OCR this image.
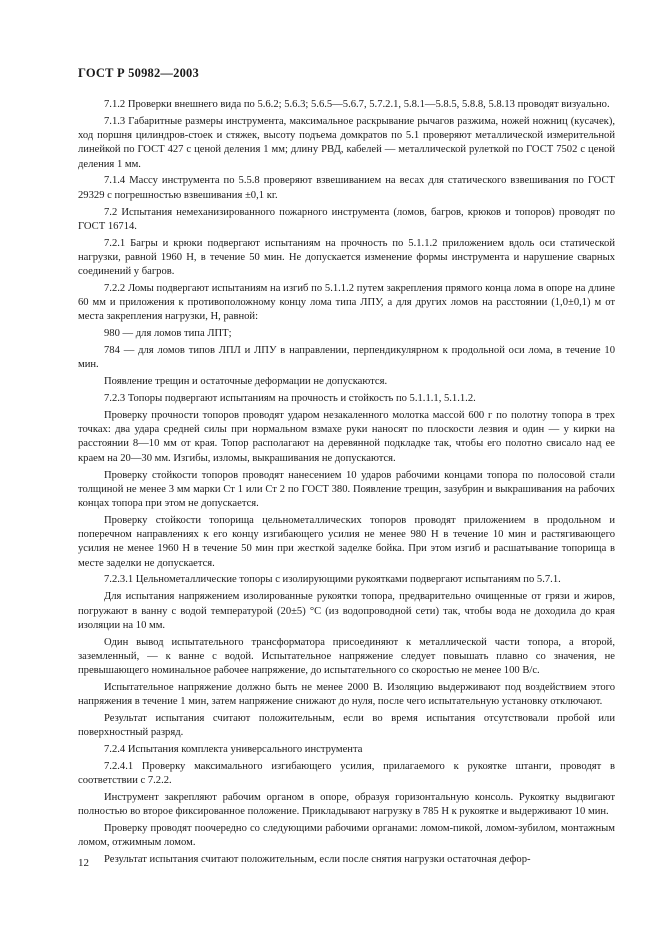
ГОСТ Р 50982—2003

7.1.2 Проверки внешнего вида по 5.6.2; 5.6.3; 5.6.5—5.6.7, 5.7.2.1, 5.8.1—5.8.5, 5.8.8, 5.8.13 проводят визуально.

7.1.3 Габаритные размеры инструмента, максимальное раскрывание рычагов разжима, ножей ножниц (кусачек), ход поршня цилиндров-стоек и стяжек, высоту подъема домкратов по 5.1 проверяют металлической измерительной линейкой по ГОСТ 427 с ценой деления 1 мм; длину РВД, кабелей — металлической рулеткой по ГОСТ 7502 с ценой деления 1 мм.

7.1.4 Массу инструмента по 5.5.8 проверяют взвешиванием на весах для статического взвешивания по ГОСТ 29329 с погрешностью взвешивания ±0,1 кг.

7.2 Испытания немеханизированного пожарного инструмента (ломов, багров, крюков и топоров) проводят по ГОСТ 16714.

7.2.1 Багры и крюки подвергают испытаниям на прочность по 5.1.1.2 приложением вдоль оси статической нагрузки, равной 1960 Н, в течение 50 мин. Не допускается изменение формы инструмента и нарушение сварных соединений у багров.

7.2.2 Ломы подвергают испытаниям на изгиб по 5.1.1.2 путем закрепления прямого конца лома в опоре на длине 60 мм и приложения к противоположному концу лома типа ЛПУ, а для других ломов на расстоянии (1,0±0,1) м от места закрепления нагрузки, Н, равной:

980 — для ломов типа ЛПТ;

784 — для ломов типов ЛПЛ и ЛПУ в направлении, перпендикулярном к продольной оси лома, в течение 10 мин.

Появление трещин и остаточные деформации не допускаются.

7.2.3 Топоры подвергают испытаниям на прочность и стойкость по 5.1.1.1, 5.1.1.2.

Проверку прочности топоров проводят ударом незакаленного молотка массой 600 г по полотну топора в трех точках: два удара средней силы при нормальном взмахе руки наносят по плоскости лезвия и один — у кирки на расстоянии 8—10 мм от края. Топор располагают на деревянной подкладке так, чтобы его полотно свисало над ее краем на 20—30 мм. Изгибы, изломы, выкрашивания не допускаются.

Проверку стойкости топоров проводят нанесением 10 ударов рабочими концами топора по полосовой стали толщиной не менее 3 мм марки Ст 1 или Ст 2 по ГОСТ 380. Появление трещин, зазубрин и выкрашивания на рабочих концах топора при этом не допускается.

Проверку стойкости топорища цельнометаллических топоров проводят приложением в продольном и поперечном направлениях к его концу изгибающего усилия не менее 980 Н в течение 10 мин и растягивающего усилия не менее 1960 Н в течение 50 мин при жесткой заделке бойка. При этом изгиб и расшатывание топорища в месте заделки не допускается.

7.2.3.1 Цельнометаллические топоры с изолирующими рукоятками подвергают испытаниям по 5.7.1.

Для испытания напряжением изолированные рукоятки топора, предварительно очищенные от грязи и жиров, погружают в ванну с водой температурой (20±5) °С (из водопроводной сети) так, чтобы вода не доходила до края изоляции на 10 мм.

Один вывод испытательного трансформатора присоединяют к металлической части топора, а второй, заземленный, — к ванне с водой. Испытательное напряжение следует повышать плавно со значения, не превышающего номинальное рабочее напряжение, до испытательного со скоростью не менее 100 В/с.

Испытательное напряжение должно быть не менее 2000 В. Изоляцию выдерживают под воздействием этого напряжения в течение 1 мин, затем напряжение снижают до нуля, после чего испытательную установку отключают.

Результат испытания считают положительным, если во время испытания отсутствовали пробой или поверхностный разряд.

7.2.4 Испытания комплекта универсального инструмента

7.2.4.1 Проверку максимального изгибающего усилия, прилагаемого к рукоятке штанги, проводят в соответствии с 7.2.2.

Инструмент закрепляют рабочим органом в опоре, образуя горизонтальную консоль. Рукоятку выдвигают полностью во второе фиксированное положение. Прикладывают нагрузку в 785 Н к рукоятке и выдерживают 10 мин.

Проверку проводят поочередно со следующими рабочими органами: ломом-пикой, ломом-зубилом, монтажным ломом, отжимным ломом.

Результат испытания считают положительным, если после снятия нагрузки остаточная дефор-

12
